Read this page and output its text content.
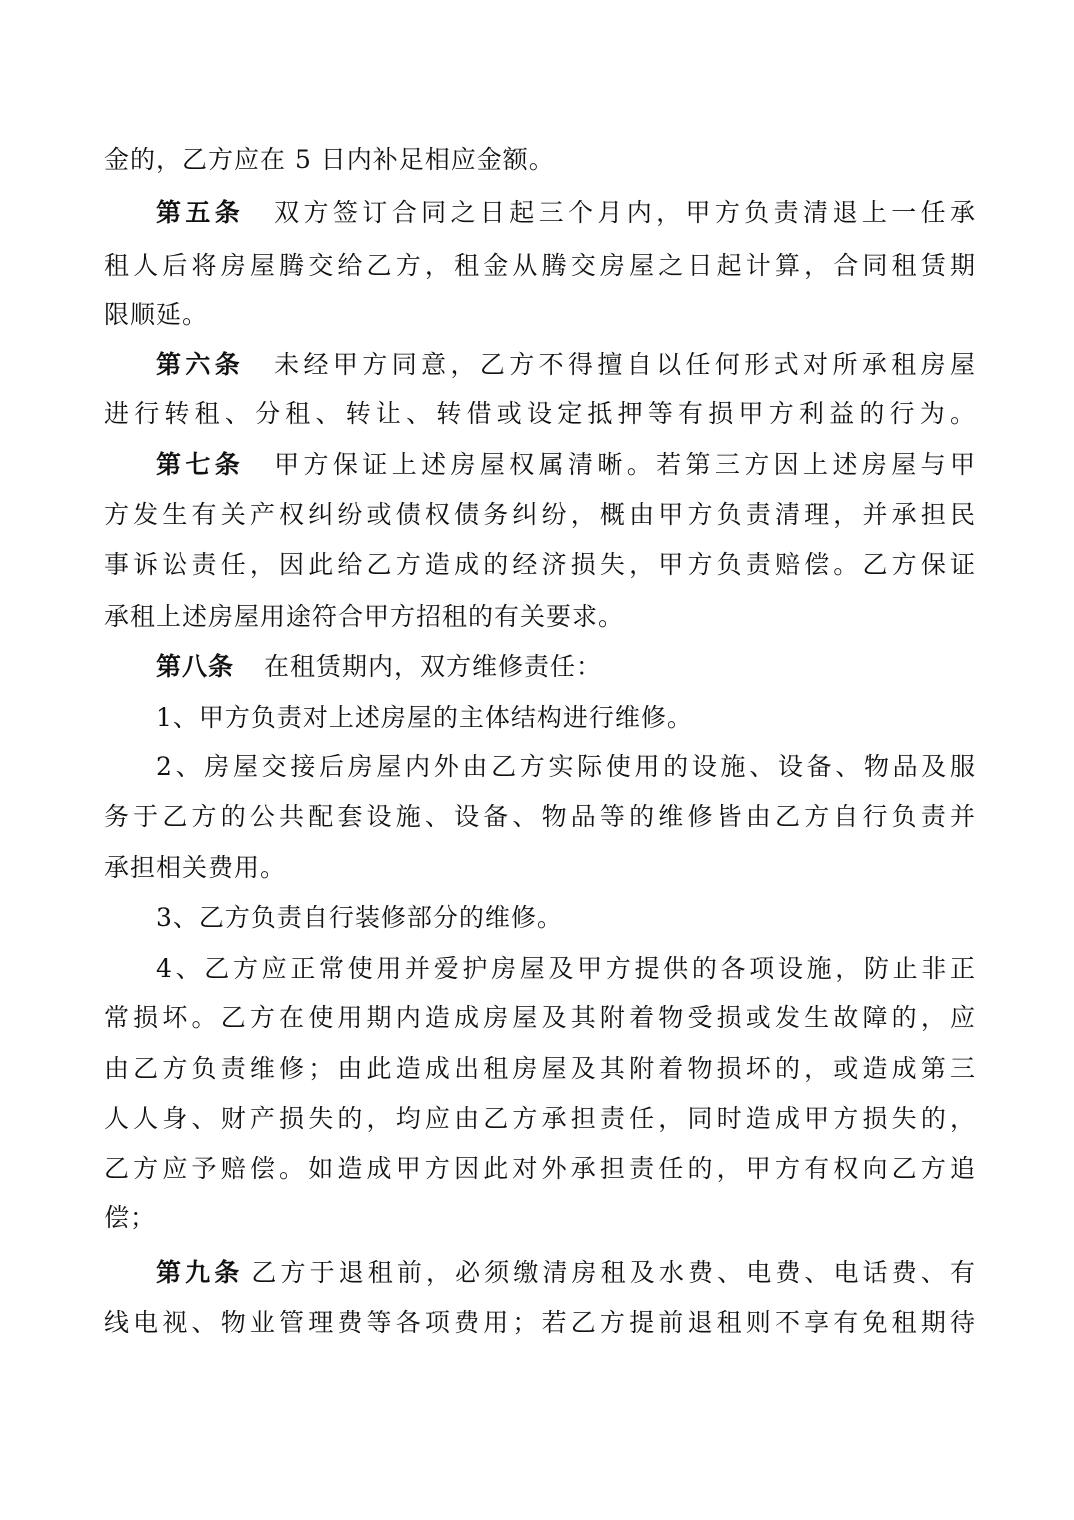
金的，乙方应在 5 日内补足相应金额。
第五条 双方签订合同之日起三个月内，甲方负责清退上一任承
租人后将房屋腾交给乙方，租金从腾交房屋之日起计算，合同租赁期
限顺延。
第六条 未经甲方同意，乙方不得擅自以任何形式对所承租房屋
进行转租、分租、转让、转借或设定抵押等有损甲方利益的行为。
第七条 甲方保证上述房屋权属清晰。若第三方因上述房屋与甲
方发生有关产权纠纷或债权债务纠纷，概由甲方负责清理，并承担民
事诉讼责任，因此给乙方造成的经济损失，甲方负责赔偿。乙方保证
承租上述房屋用途符合甲方招租的有关要求。
第八条 在租赁期内，双方维修责任：
1、甲方负责对上述房屋的主体结构进行维修。
2、房屋交接后房屋内外由乙方实际使用的设施、设备、物品及服
务于乙方的公共配套设施、设备、物品等的维修皆由乙方自行负责并
承担相关费用。
3、乙方负责自行装修部分的维修。
4、乙方应正常使用并爱护房屋及甲方提供的各项设施，防止非正
常损坏。乙方在使用期内造成房屋及其附着物受损或发生故障的，应
由乙方负责维修；由此造成出租房屋及其附着物损坏的，或造成第三
人人身、财产损失的，均应由乙方承担责任，同时造成甲方损失的，
乙方应予赔偿。如造成甲方因此对外承担责任的，甲方有权向乙方追
偿；
第九条 乙方于退租前，必须缴清房租及水费、电费、电话费、有
线电视、物业管理费等各项费用；若乙方提前退租则不享有免租期待
